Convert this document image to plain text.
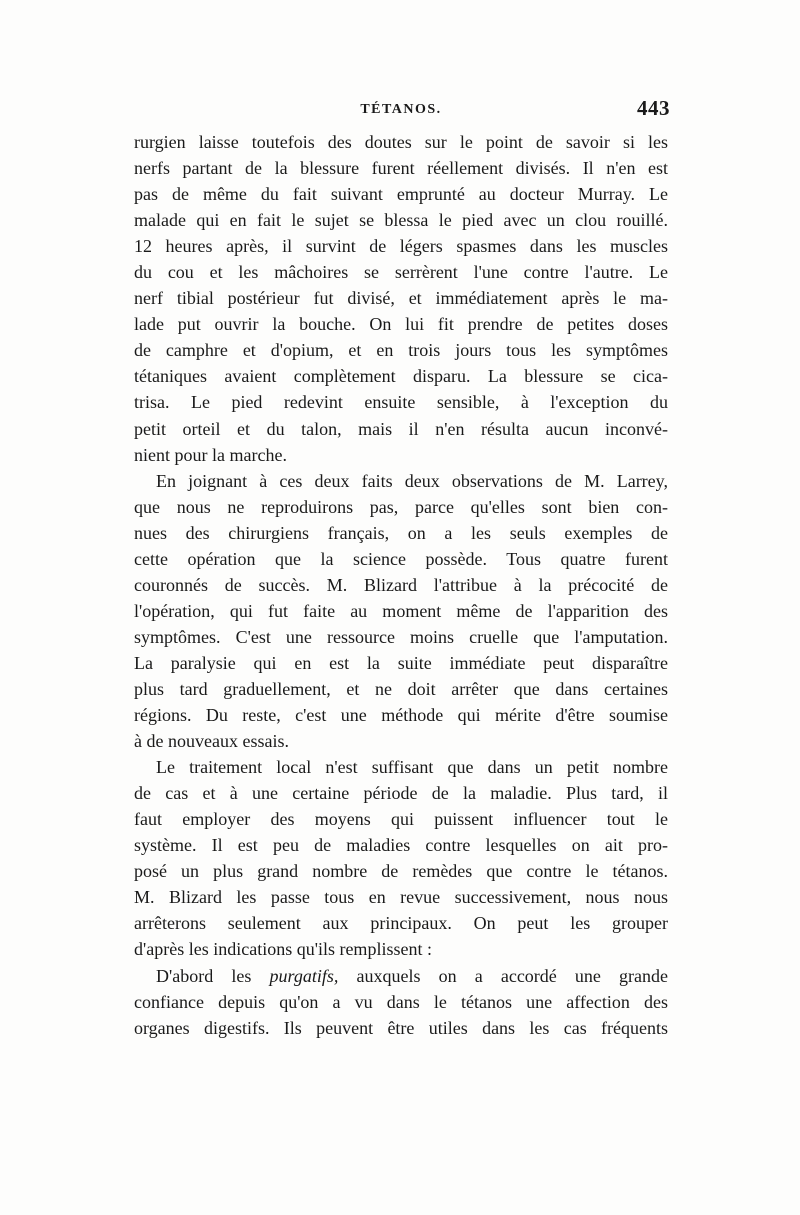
TÉTANOS.	443
rurgien laisse toutefois des doutes sur le point de savoir si les
nerfs partant de la blessure furent réellement divisés. Il n'en est
pas de même du fait suivant emprunté au docteur Murray. Le
malade qui en fait le sujet se blessa le pied avec un clou rouillé.
12 heures après, il survint de légers spasmes dans les muscles
du cou et les mâchoires se serrèrent l'une contre l'autre. Le
nerf tibial postérieur fut divisé, et immédiatement après le ma-
lade put ouvrir la bouche. On lui fit prendre de petites doses
de camphre et d'opium, et en trois jours tous les symptômes
tétaniques avaient complètement disparu. La blessure se cica-
trisa. Le pied redevint ensuite sensible, à l'exception du
petit orteil et du talon, mais il n'en résulta aucun inconvé-
nient pour la marche.
En joignant à ces deux faits deux observations de M. Larrey,
que nous ne reproduirons pas, parce qu'elles sont bien con-
nues des chirurgiens français, on a les seuls exemples de
cette opération que la science possède. Tous quatre furent
couronnés de succès. M. Blizard l'attribue à la précocité de
l'opération, qui fut faite au moment même de l'apparition des
symptômes. C'est une ressource moins cruelle que l'amputation.
La paralysie qui en est la suite immédiate peut disparaître
plus tard graduellement, et ne doit arrêter que dans certaines
régions. Du reste, c'est une méthode qui mérite d'être soumise
à de nouveaux essais.
Le traitement local n'est suffisant que dans un petit nombre
de cas et à une certaine période de la maladie. Plus tard, il
faut employer des moyens qui puissent influencer tout le
système. Il est peu de maladies contre lesquelles on ait pro-
posé un plus grand nombre de remèdes que contre le tétanos.
M. Blizard les passe tous en revue successivement, nous nous
arrêterons seulement aux principaux. On peut les grouper
d'après les indications qu'ils remplissent :
D'abord les purgatifs, auxquels on a accordé une grande
confiance depuis qu'on a vu dans le tétanos une affection des
organes digestifs. Ils peuvent être utiles dans les cas fréquents
